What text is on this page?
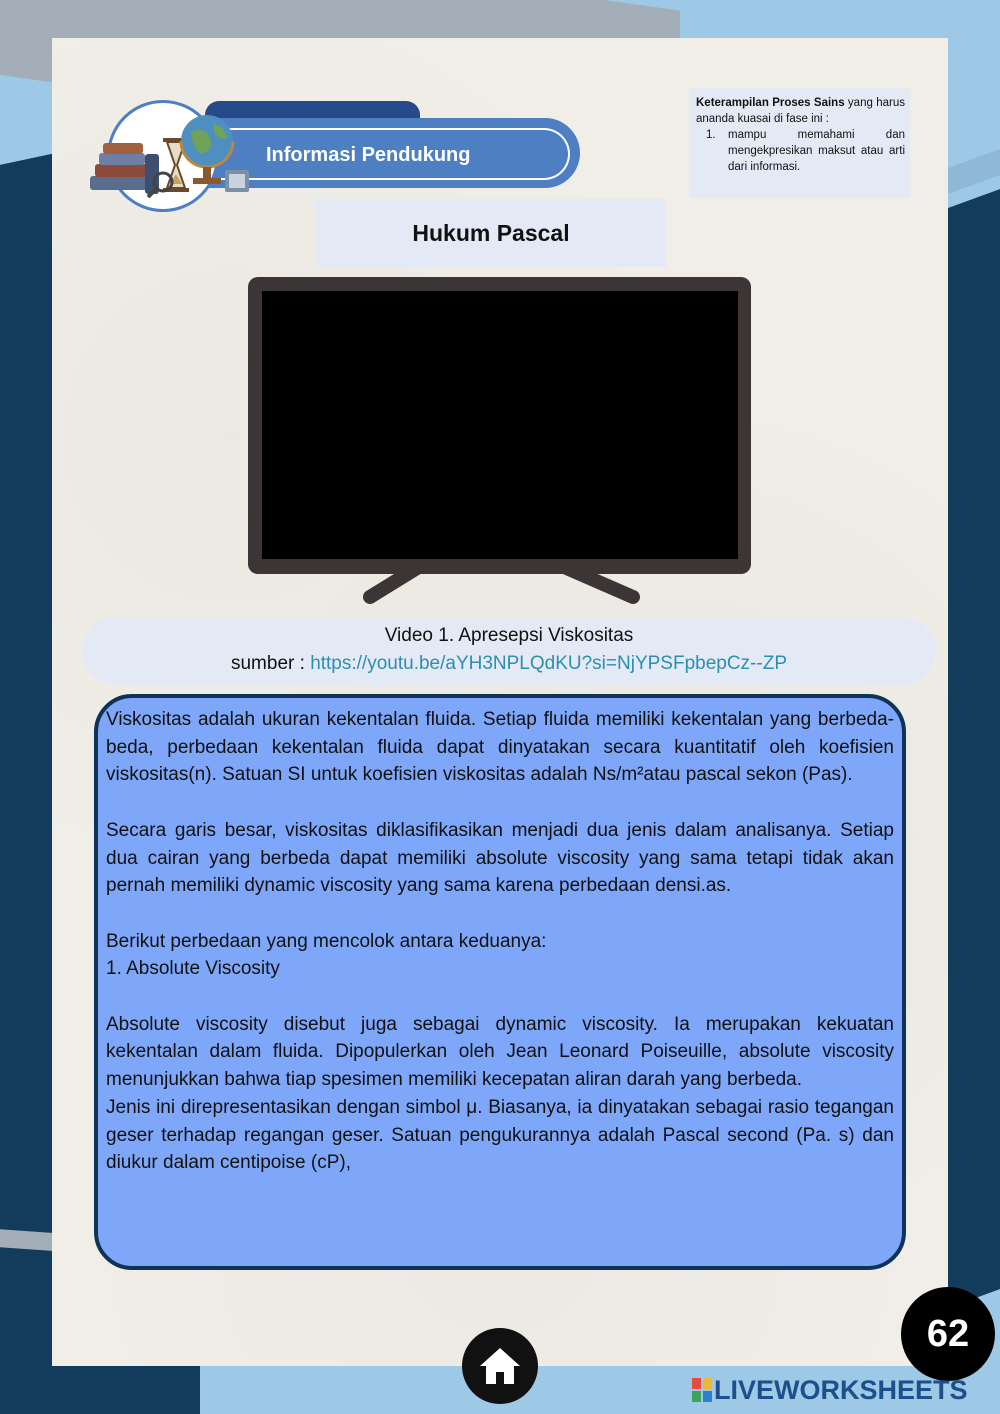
Informasi Pendukung
Keterampilan Proses Sains yang harus ananda kuasai di fase ini :
1.	mampu memahami dan mengekpresikan maksut atau arti dari informasi.
Hukum Pascal
Video 1. Apresepsi Viskositas
sumber : https://youtu.be/aYH3NPLQdKU?si=NjYPSFpbepCz--ZP

Viskositas adalah ukuran kekentalan fluida. Setiap fluida memiliki kekentalan yang berbeda-beda, perbedaan kekentalan fluida dapat dinyatakan secara kuantitatif oleh koefisien viskositas(n). Satuan SI untuk koefisien viskositas adalah Ns/m²atau pascal sekon (Pas).

Secara garis besar, viskositas diklasifikasikan menjadi dua jenis dalam analisanya. Setiap dua cairan yang berbeda dapat memiliki absolute viscosity yang sama tetapi tidak akan pernah memiliki dynamic viscosity yang sama karena perbedaan densi.as.

Berikut perbedaan yang mencolok antara keduanya:

1. Absolute Viscosity

Absolute viscosity disebut juga sebagai dynamic viscosity. Ia merupakan kekuatan kekentalan dalam fluida. Dipopulerkan oleh Jean Leonard Poiseuille, absolute viscosity menunjukkan bahwa tiap spesimen memiliki kecepatan aliran darah yang berbeda.

Jenis ini direpresentasikan dengan simbol μ. Biasanya, ia dinyatakan sebagai rasio tegangan geser terhadap regangan geser. Satuan pengukurannya adalah Pascal second (Pa. s) dan diukur dalam centipoise (cP),

62
LIVEWORKSHEETS
